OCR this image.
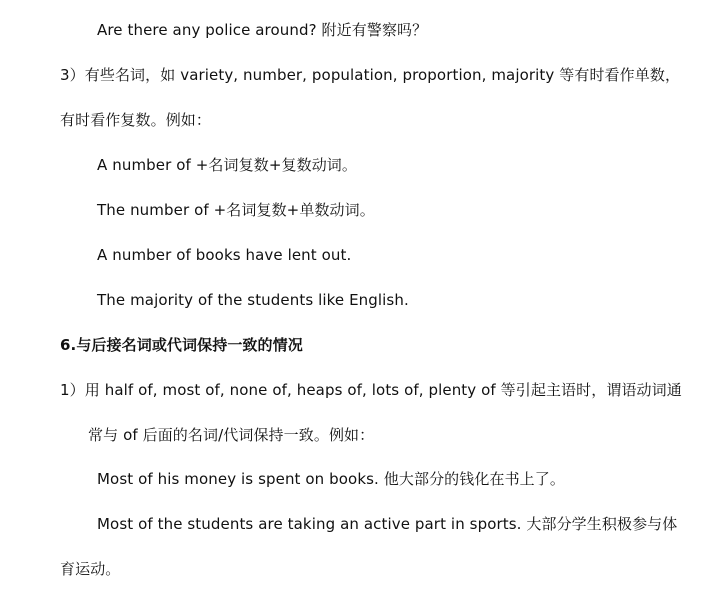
Are there any police around? 附近有警察吗？
3）有些名词，如 variety, number, population, proportion, majority 等有时看作单数，
有时看作复数。例如：
A number of +名词复数+复数动词。
The number of +名词复数+单数动词。
A number of books have lent out.
The majority of the students like English.
6.与后接名词或代词保持一致的情况
1）用 half of, most of, none of, heaps of, lots of, plenty of 等引起主语时，谓语动词通
常与 of 后面的名词/代词保持一致。例如：
Most of his money is spent on books. 他大部分的钱化在书上了。
Most of the students are taking an active part in sports. 大部分学生积极参与体
育运动。
